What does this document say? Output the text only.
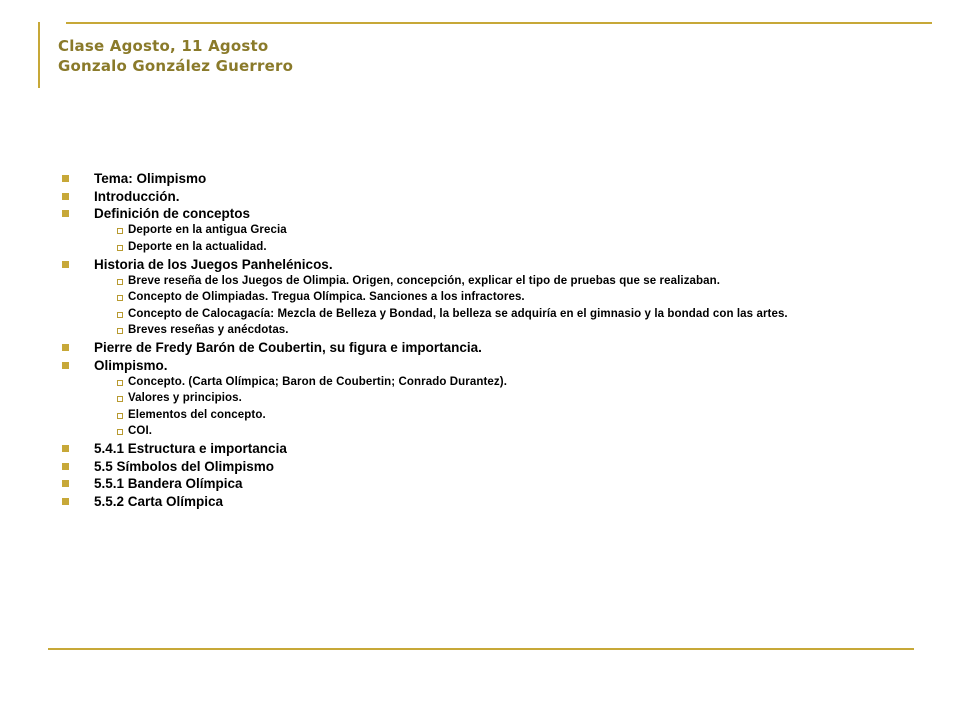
Clase Agosto, 11 Agosto
Gonzalo González Guerrero
Tema: Olimpismo
Introducción.
Definición de conceptos
Deporte en la antigua Grecia
Deporte en la actualidad.
Historia de los Juegos Panhelénicos.
Breve reseña de los Juegos de Olimpia. Origen, concepción, explicar el tipo de pruebas que se realizaban.
Concepto de Olimpiadas. Tregua Olímpica. Sanciones a los infractores.
Concepto de Calocagacía: Mezcla de Belleza y Bondad, la belleza se adquiría en el gimnasio y la bondad con las artes.
Breves reseñas y anécdotas.
Pierre de Fredy Barón de Coubertin, su figura e importancia.
Olimpismo.
Concepto. (Carta Olímpica; Baron de Coubertin; Conrado Durantez).
Valores y principios.
Elementos del concepto.
COI.
5.4.1 Estructura e importancia
5.5 Símbolos del Olimpismo
5.5.1 Bandera Olímpica
5.5.2 Carta Olímpica
